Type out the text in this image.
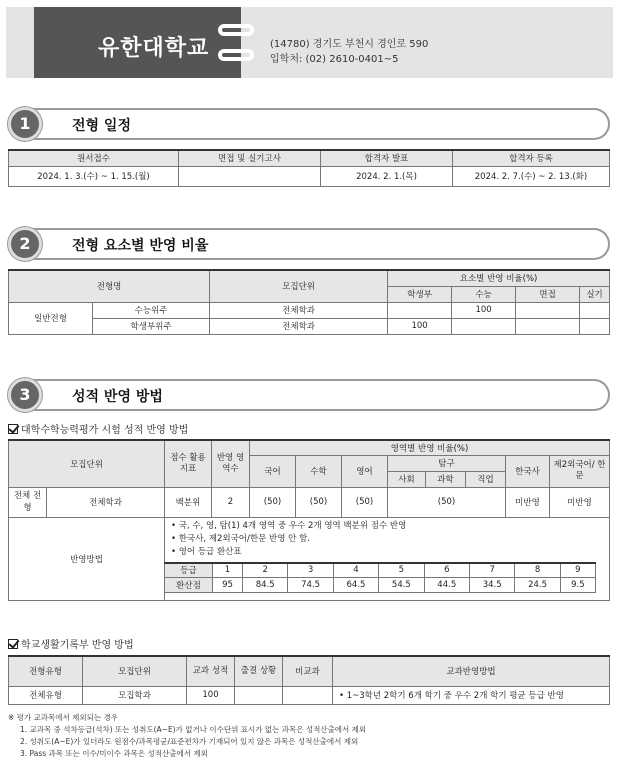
유한대학교	(14780) 경기도 부천시 경인로 590
입학처: (02) 2610-0401~5
1	전형 일정
원서접수	면접 및 실기고사	합격자 발표	합격자 등록
2024. 1. 3.(수) ~ 1. 15.(월)		2024. 2. 1.(목)	2024. 2. 7.(수) ~ 2. 13.(화)
2	전형 요소별 반영 비율
전형명		모집단위	요소별 반영 비율(%)			
			학생부	수능	면접	실기
일반전형	수능위주	전체학과		100		
	학생부위주	전체학과	100			
3	성적 반영 방법
대학수학능력평가 시험 성적 반영 방법
모집단위	점수 활용 지표	반영 영역수	영역별 반영 비율(%)
국어	수학	영어	탐구	한국사	제2외국어/ 한문
사회	과학	직업
전체 전형	전체학과	백분위	2	(50)	(50)	(50)	(50)	미반영	미반영
반영방법	
• 국, 수, 영, 탐(1) 4개 영역 중 우수 2개 영역 백분위 점수 반영
• 한국사, 제2외국어/한문 반영 안 함.
• 영어 등급 환산표
등급	1	2	3	4	5	6	7	8	9
환산점	95	84.5	74.5	64.5	54.5	44.5	34.5	24.5	9.5
학교생활기록부 반영 방법
전형유형	모집단위	교과 성적	출결 상황	비교과	교과반영방법
전체유형	모집학과	100			• 1~3학년 2학기 6개 학기 중 우수 2개 학기 평균 등급 반영
※ 평가 교과목에서 제외되는 경우
1. 교과목 중 석차등급(석차) 또는 성취도(A~E)가 없거나 이수단위 표시가 없는 과목은 성적산출에서 제외
2. 성취도(A~E)가 있더라도 원점수/과목평균/표준편차가 기재되어 있지 않은 과목은 성적산출에서 제외
3. Pass 과목 또는 이수/미이수 과목은 성적산출에서 제외
